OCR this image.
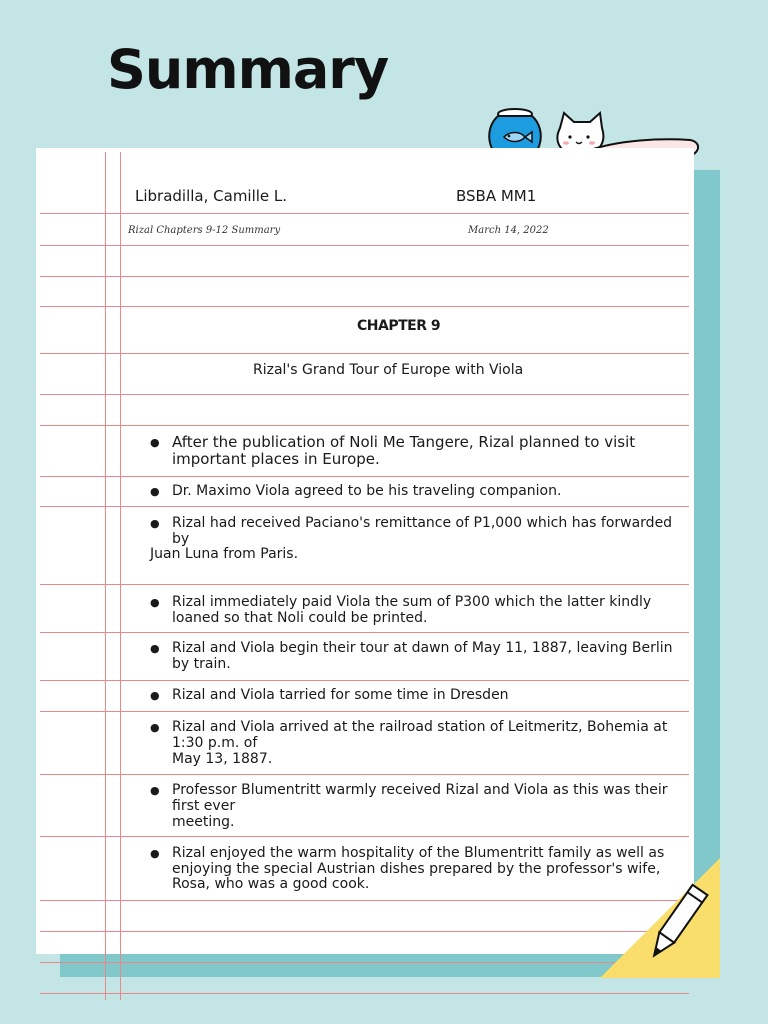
Summary
Libradilla, Camille L.	BSBA MM1
Rizal Chapters 9-12 Summary	March 14, 2022
CHAPTER 9
Rizal's Grand Tour of Europe with Viola
● After the publication of Noli Me Tangere, Rizal planned to visit important places in Europe.
● Dr. Maximo Viola agreed to be his traveling companion.
● Rizal had received Paciano's remittance of P1,000 which has forwarded by
● Rizal immediately paid Viola the sum of P300 which the latter kindly loaned so that Noli could be printed.
● Rizal and Viola begin their tour at dawn of May 11, 1887, leaving Berlin by train.
● Rizal and Viola tarried for some time in Dresden
● Rizal and Viola arrived at the railroad station of Leitmeritz, Bohemia at 1:30 p.m. of
● Professor Blumentritt warmly received Rizal and Viola as this was their first ever
● Rizal enjoyed the warm hospitality of the Blumentritt family as well as enjoying the special Austrian dishes prepared by the professor's wife, Rosa, who was a good cook.
Juan Luna from Paris.
May 13, 1887.
meeting.
